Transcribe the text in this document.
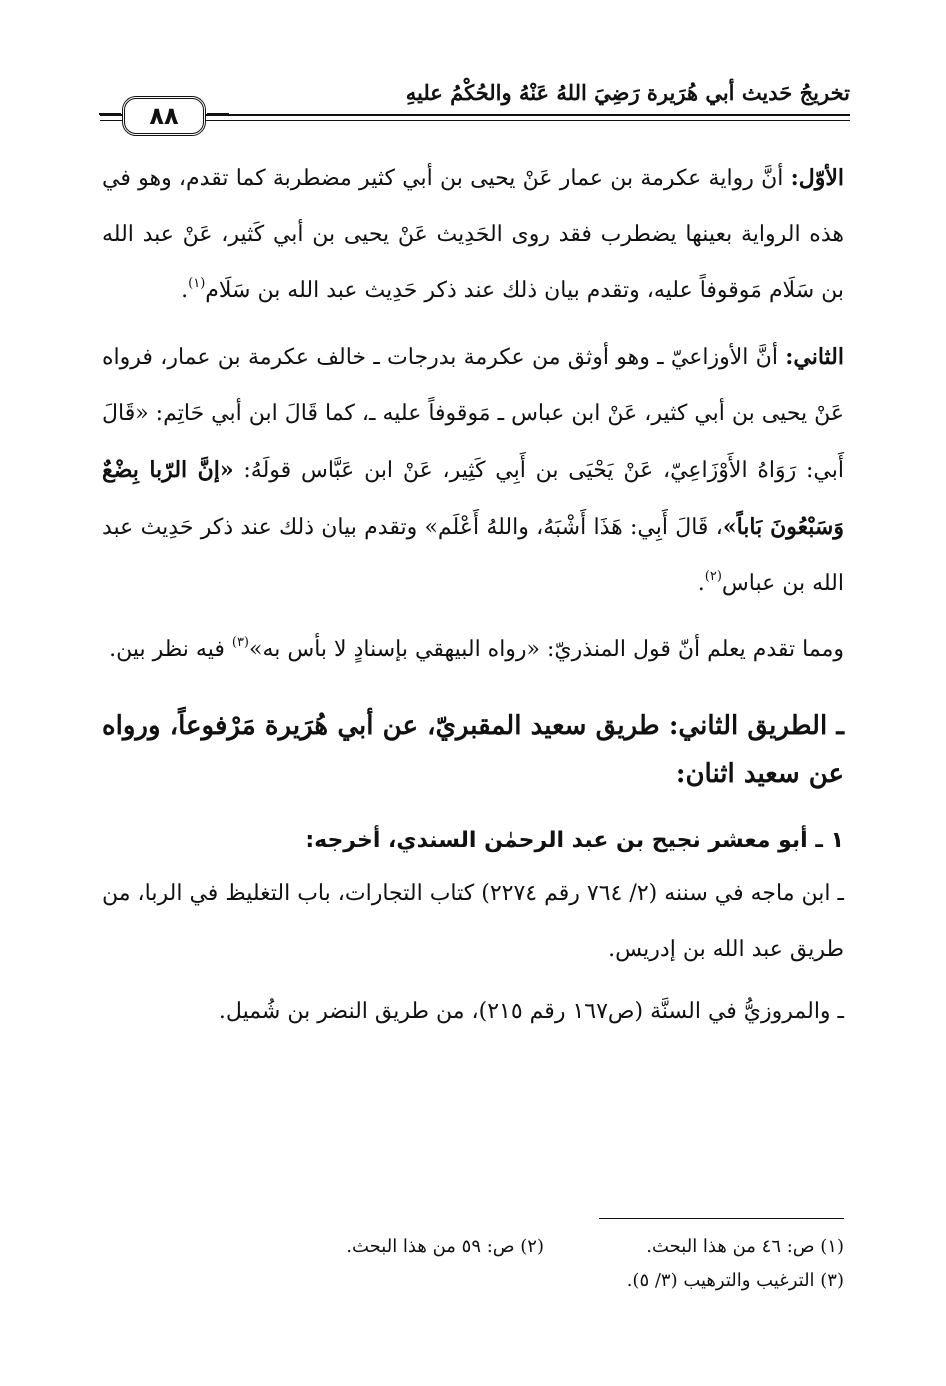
تخريجُ حَديث أبي هُرَيرة رَضِيَ اللهُ عَنْهُ والحُكْمُ عليهِ
٨٨

الأوّل: أنَّ رواية عكرمة بن عمار عَنْ يحيى بن أبي كثير مضطربة كما تقدم، وهو في هذه الرواية بعينها يضطرب فقد روى الحَدِيث عَنْ يحيى بن أبي كَثير، عَنْ عبد الله بن سَلَام مَوقوفاً عليه، وتقدم بيان ذلك عند ذكر حَدِيث عبد الله بن سَلَام$^{(١)}$.

الثاني: أنَّ الأوزاعيّ ـ وهو أوثق من عكرمة بدرجات ـ خالف عكرمة بن عمار، فرواه عَنْ يحيى بن أبي كثير، عَنْ ابن عباس ـ مَوقوفاً عليه ـ، كما قَالَ ابن أبي حَاتِم: «قَالَ أَبي: رَوَاهُ الأَوْزَاعِيّ، عَنْ يَحْيَى بن أَبِي كَثِير، عَنْ ابن عَبَّاس قولَهُ: «إنَّ الرّبا بِضْعٌ وَسَبْعُونَ بَاباً»، قَالَ أَبِي: هَذَا أَشْبَهُ، واللهُ أَعْلَم» وتقدم بيان ذلك عند ذكر حَدِيث عبد الله بن عباس$^{(٢)}$.

ومما تقدم يعلم أنّ قول المنذريّ: «رواه البيهقي بإسنادٍ لا بأس به»$^{(٣)}$ فيه نظر بين.

ـ الطريق الثاني: طريق سعيد المقبريّ، عن أبي هُرَيرة مَرْفوعاً، ورواه عن سعيد اثنان:
١ ـ أبو معشر نجيح بن عبد الرحمٰن السندي، أخرجه:

ـ ابن ماجه في سننه (٢/ ٧٦٤ رقم ٢٢٧٤) كتاب التجارات، باب التغليظ في الربا، من طريق عبد الله بن إدريس.

ـ والمروزيُّ في السنَّة (ص١٦٧ رقم ٢١٥)، من طريق النضر بن شُميل.

(١) ص: ٤٦ من هذا البحث.
(٢) ص: ٥٩ من هذا البحث.
(٣) الترغيب والترهيب (٣/ ٥).
